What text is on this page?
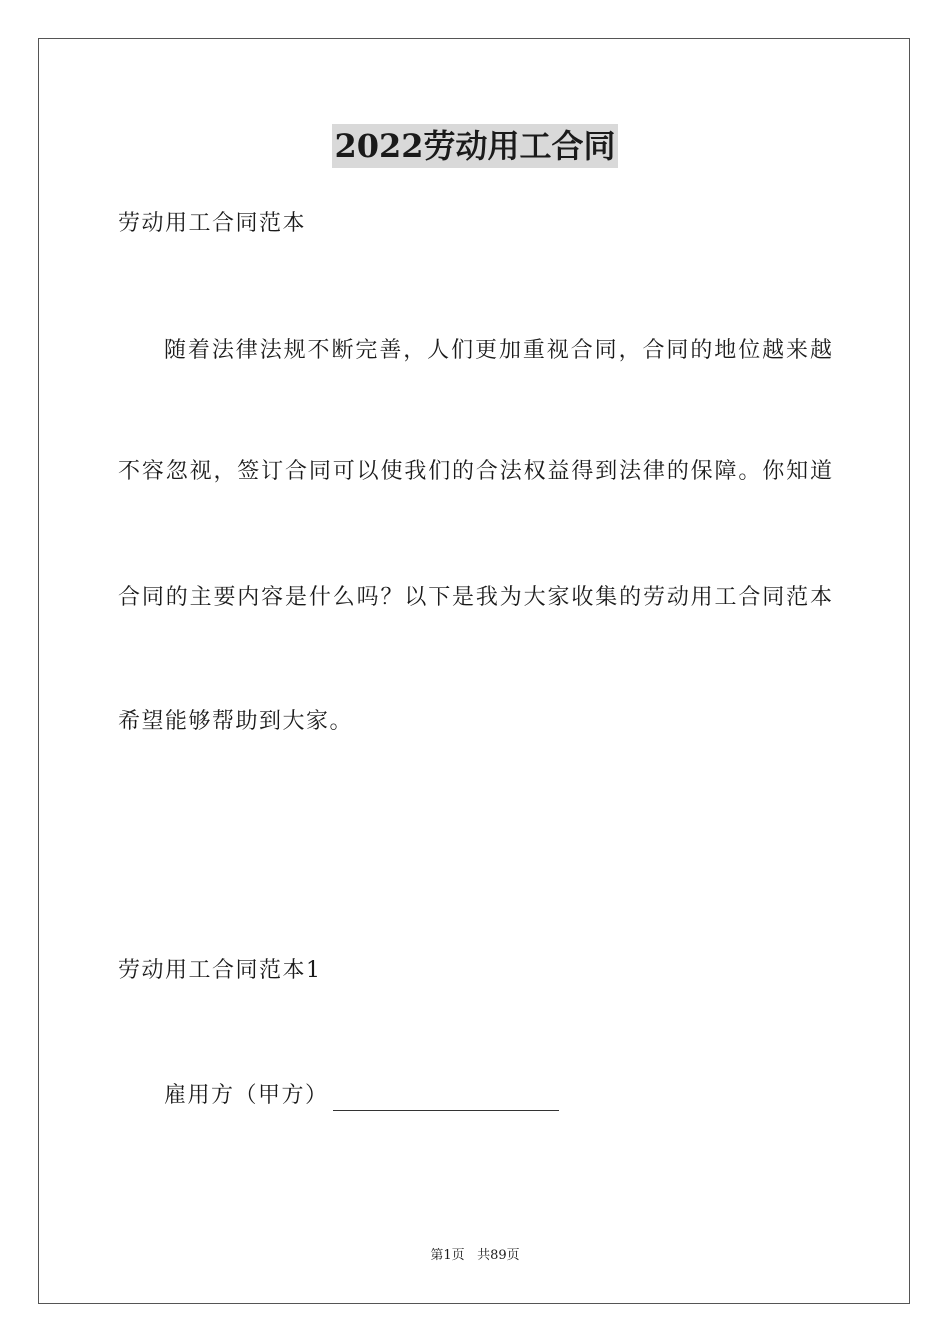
2022劳动用工合同
劳动用工合同范本
随着法律法规不断完善，人们更加重视合同，合同的地位越来越
不容忽视，签订合同可以使我们的合法权益得到法律的保障。你知道
合同的主要内容是什么吗？以下是我为大家收集的劳动用工合同范本
希望能够帮助到大家。
劳动用工合同范本1
雇用方（甲方）
第1页 共89页
